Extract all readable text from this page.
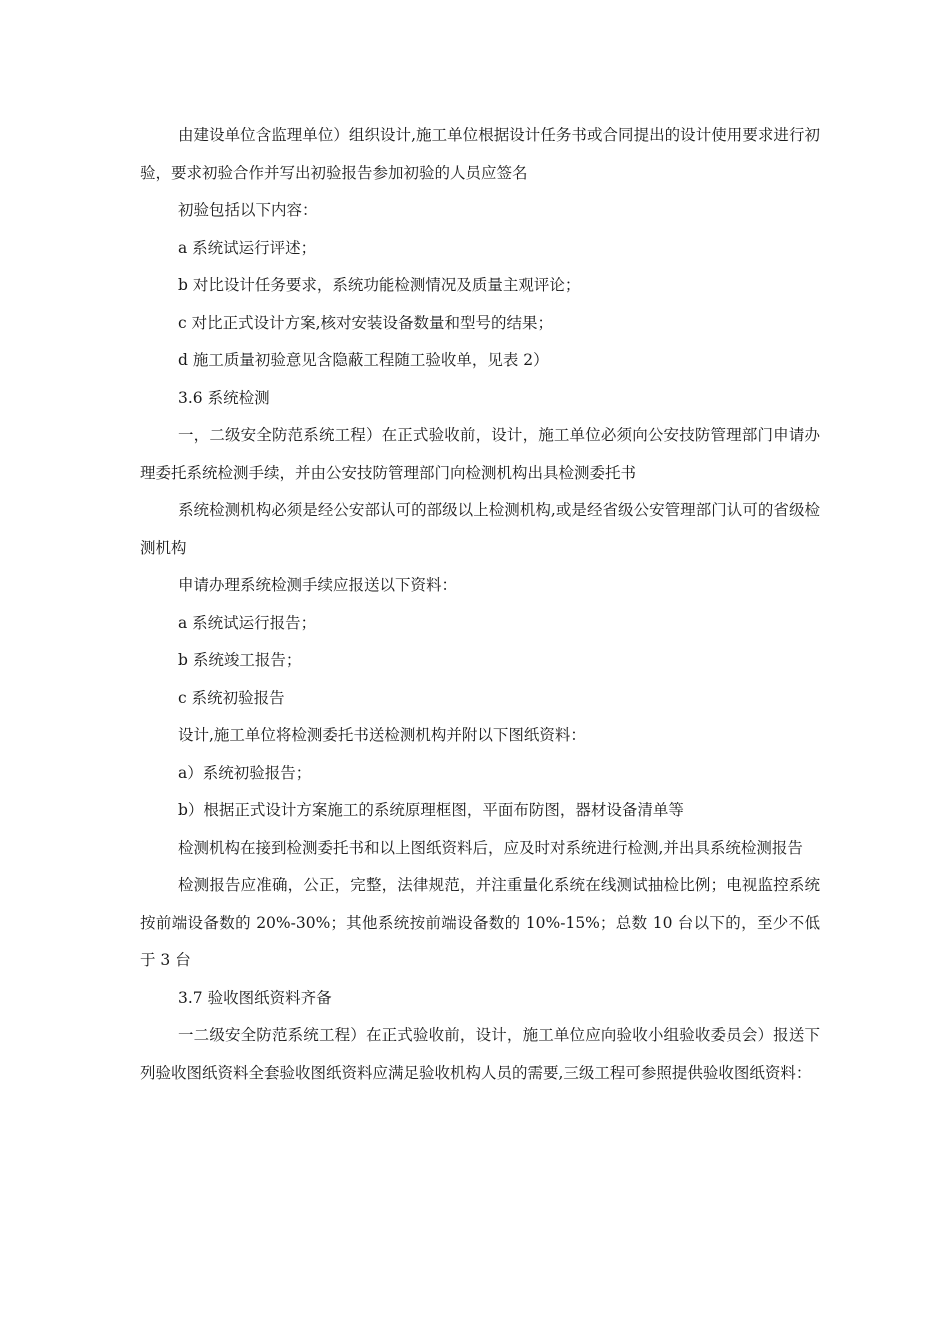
由建设单位含监理单位）组织设计,施工单位根据设计任务书或合同提出的设计使用要求进行初验，要求初验合作并写出初验报告参加初验的人员应签名

初验包括以下内容：

a 系统试运行评述；

b 对比设计任务要求，系统功能检测情况及质量主观评论；

c 对比正式设计方案,核对安装设备数量和型号的结果；

d 施工质量初验意见含隐蔽工程随工验收单，见表 2）

3.6 系统检测

一，二级安全防范系统工程）在正式验收前，设计，施工单位必须向公安技防管理部门申请办理委托系统检测手续，并由公安技防管理部门向检测机构出具检测委托书

系统检测机构必须是经公安部认可的部级以上检测机构,或是经省级公安管理部门认可的省级检测机构

申请办理系统检测手续应报送以下资料：

a 系统试运行报告；

b 系统竣工报告；

c 系统初验报告

设计,施工单位将检测委托书送检测机构并附以下图纸资料：

a）系统初验报告；

b）根据正式设计方案施工的系统原理框图，平面布防图，器材设备清单等

检测机构在接到检测委托书和以上图纸资料后，应及时对系统进行检测,并出具系统检测报告

检测报告应准确，公正，完整，法律规范，并注重量化系统在线测试抽检比例；电视监控系统按前端设备数的 20%-30%；其他系统按前端设备数的 10%-15%；总数 10 台以下的，至少不低于 3 台

3.7 验收图纸资料齐备

一二级安全防范系统工程）在正式验收前，设计，施工单位应向验收小组验收委员会）报送下列验收图纸资料全套验收图纸资料应满足验收机构人员的需要,三级工程可参照提供验收图纸资料：
